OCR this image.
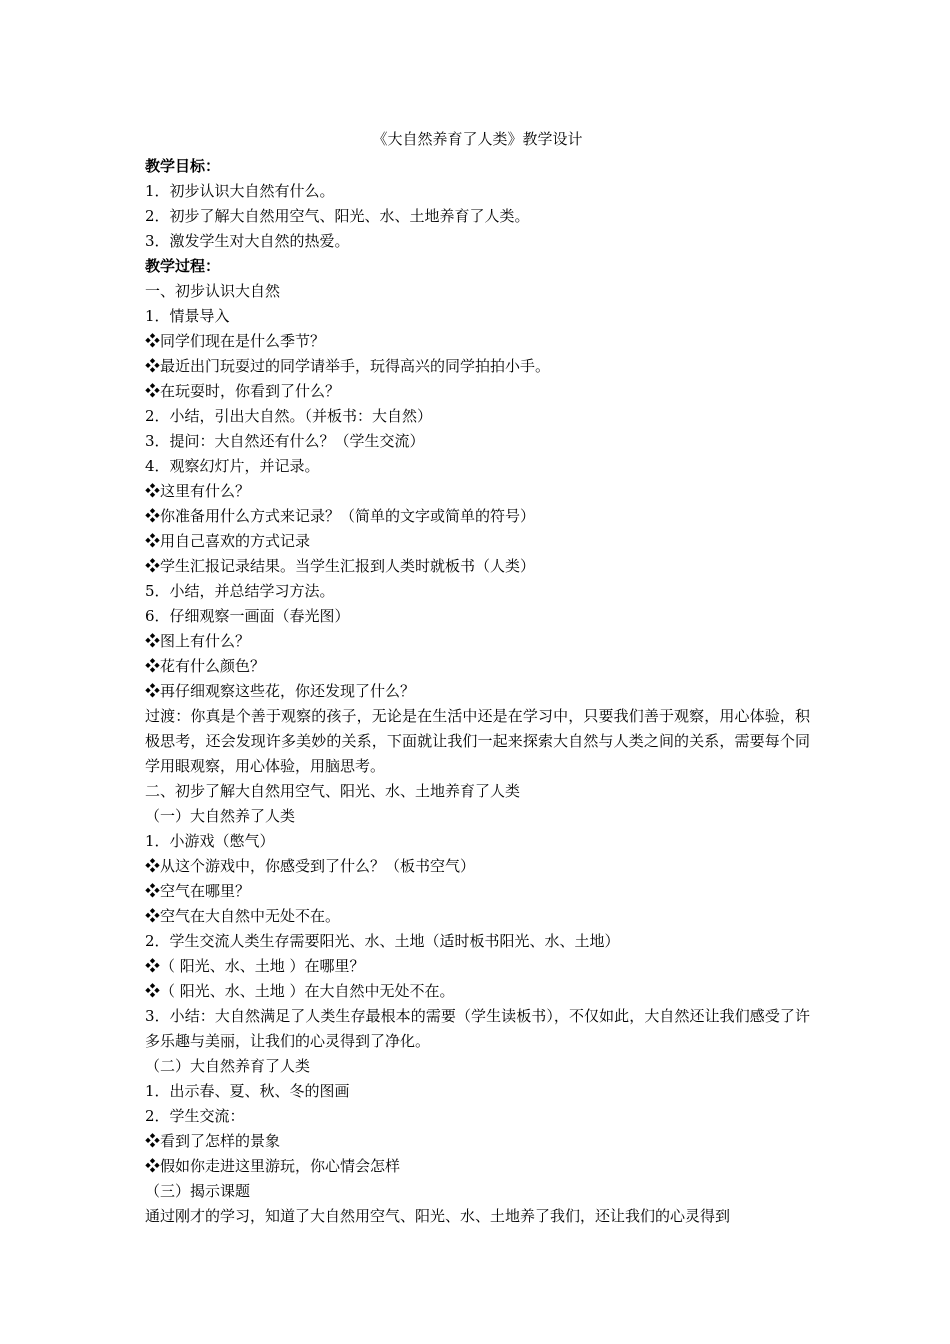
《大自然养育了人类》教学设计
教学目标：
1．初步认识大自然有什么。
2．初步了解大自然用空气、阳光、水、土地养育了人类。
3．激发学生对大自然的热爱。
教学过程：
一、初步认识大自然
1．情景导入
❖同学们现在是什么季节？
❖最近出门玩耍过的同学请举手，玩得高兴的同学拍拍小手。
❖在玩耍时，你看到了什么？
2．小结，引出大自然。（并板书：大自然）
3．提问：大自然还有什么？（学生交流）
4．观察幻灯片，并记录。
❖这里有什么？
❖你准备用什么方式来记录？（简单的文字或简单的符号）
❖用自己喜欢的方式记录
❖学生汇报记录结果。当学生汇报到人类时就板书（人类）
5．小结，并总结学习方法。
6．仔细观察一画面（春光图）
❖图上有什么？
❖花有什么颜色？
❖再仔细观察这些花，你还发现了什么？

过渡：你真是个善于观察的孩子，无论是在生活中还是在学习中，只要我们善于观察，用心体验，积极思考，还会发现许多美妙的关系，下面就让我们一起来探索大自然与人类之间的关系，需要每个同学用眼观察，用心体验，用脑思考。

二、初步了解大自然用空气、阳光、水、土地养育了人类
（一）大自然养了人类
1．小游戏（憋气）
❖从这个游戏中，你感受到了什么？（板书空气）
❖空气在哪里？
❖空气在大自然中无处不在。
2．学生交流人类生存需要阳光、水、土地（适时板书阳光、水、土地）
❖（ 阳光、水、土地 ）在哪里？
❖（ 阳光、水、土地 ）在大自然中无处不在。

3．小结：大自然满足了人类生存最根本的需要（学生读板书），不仅如此，大自然还让我们感受了许多乐趣与美丽，让我们的心灵得到了净化。

（二）大自然养育了人类
1．出示春、夏、秋、冬的图画
2．学生交流：
❖看到了怎样的景象
❖假如你走进这里游玩，你心情会怎样
（三）揭示课题
通过刚才的学习，知道了大自然用空气、阳光、水、土地养了我们，还让我们的心灵得到
